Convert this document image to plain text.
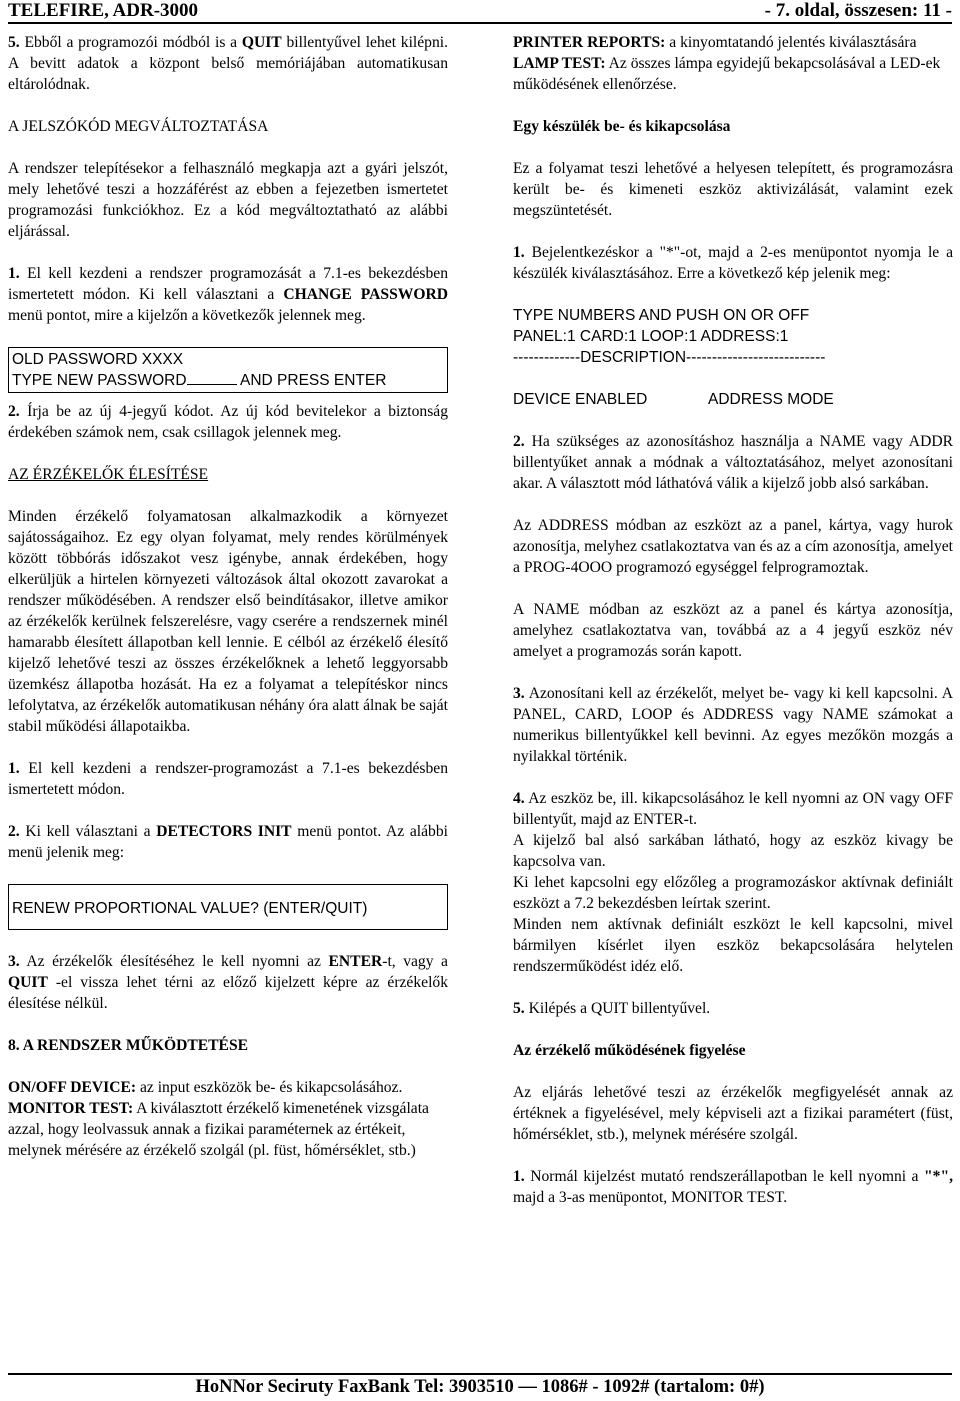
TELEFIRE, ADR-3000	- 7. oldal, összesen: 11 -

5. Ebből a programozói módból is a QUIT billentyűvel lehet kilépni. A bevitt adatok a központ belső memóriájában automatikusan eltárolódnak.

A JELSZÓKÓD MEGVÁLTOZTATÁSA

A rendszer telepítésekor a felhasználó megkapja azt a gyári jelszót, mely lehetővé teszi a hozzáférést az ebben a fejezetben ismertetet programozási funkciókhoz. Ez a kód megváltoztatható az alábbi eljárással.

1. El kell kezdeni a rendszer programozását a 7.1-es bekezdésben ismertetett módon. Ki kell választani a CHANGE PASSWORD menü pontot, mire a kijelzőn a következők jelennek meg.

OLD PASSWORD XXXX
TYPE NEW PASSWORD	AND PRESS ENTER

2. Írja be az új 4-jegyű kódot. Az új kód bevitelekor a biztonság érdekében számok nem, csak csillagok jelennek meg.

AZ ÉRZÉKELŐK ÉLESÍTÉSE

Minden érzékelő folyamatosan alkalmazkodik a környezet sajátosságaihoz. Ez egy olyan folyamat, mely rendes körülmények között többórás időszakot vesz igénybe, annak érdekében, hogy elkerüljük a hirtelen környezeti változások által okozott zavarokat a rendszer működésében. A rendszer első beindításakor, illetve amikor az érzékelők kerülnek felszerelésre, vagy cserére a rendszernek minél hamarabb élesített állapotban kell lennie. E célból az érzékelő élesítő kijelző lehetővé teszi az összes érzékelőknek a lehető leggyorsabb üzemkész állapotba hozását. Ha ez a folyamat a telepítéskor nincs lefolytatva, az érzékelők automatikusan néhány óra alatt álnak be saját stabil működési állapotaikba.

1. El kell kezdeni a rendszer-programozást a 7.1-es bekezdésben ismertetett módon.

2. Ki kell választani a DETECTORS INIT menü pontot. Az alábbi menü jelenik meg:

RENEW PROPORTIONAL VALUE? (ENTER/QUIT)

3. Az érzékelők élesítéséhez le kell nyomni az ENTER-t, vagy a QUIT -el vissza lehet térni az előző kijelzett képre az érzékelők élesítése nélkül.

8. A RENDSZER MŰKÖDTETÉSE

ON/OFF DEVICE: az input eszközök be- és kikapcsolásához.

MONITOR TEST: A kiválasztott érzékelő kimenetének vizsgálata azzal, hogy leolvassuk annak a fizikai paraméternek az értékeit, melynek mérésére az érzékelő szolgál (pl. füst, hőmérséklet, stb.)

PRINTER REPORTS: a kinyomtatandó jelentés kiválasztására

LAMP TEST: Az összes lámpa egyidejű bekapcsolásával a LED-ek működésének ellenőrzése.

Egy készülék be- és kikapcsolása

Ez a folyamat teszi lehetővé a helyesen telepített, és programozásra került be- és kimeneti eszköz aktivizálását, valamint ezek megszüntetését.

1. Bejelentkezéskor a "*"-ot, majd a 2-es menüpontot nyomja le a készülék kiválasztásához. Erre a következő kép jelenik meg:

TYPE NUMBERS AND PUSH ON OR OFF
PANEL:1 CARD:1 LOOP:1 ADDRESS:1
-------------DESCRIPTION---------------------------
DEVICE ENABLED	ADDRESS MODE

2. Ha szükséges az azonosításhoz használja a NAME vagy ADDR billentyűket annak a módnak a változtatásához, melyet azonosítani akar. A választott mód láthatóvá válik a kijelző jobb alsó sarkában.

Az ADDRESS módban az eszközt az a panel, kártya, vagy hurok azonosítja, melyhez csatlakoztatva van és az a cím azonosítja, amelyet a PROG-4OOO programozó egységgel felprogramoztak.

A NAME módban az eszközt az a panel és kártya azonosítja, amelyhez csatlakoztatva van, továbbá az a 4 jegyű eszköz név amelyet a programozás során kapott.

3. Azonosítani kell az érzékelőt, melyet be- vagy ki kell kapcsolni. A PANEL, CARD, LOOP és ADDRESS vagy NAME számokat a numerikus billentyűkkel kell bevinni. Az egyes mezőkön mozgás a nyilakkal történik.

4. Az eszköz be, ill. kikapcsolásához le kell nyomni az ON vagy OFF billentyűt, majd az ENTER-t.

A kijelző bal alsó sarkában látható, hogy az eszköz kivagy be kapcsolva van.

Ki lehet kapcsolni egy előzőleg a programozáskor aktívnak definiált eszközt a 7.2 bekezdésben leírtak szerint.

Minden nem aktívnak definiált eszközt le kell kapcsolni, mivel bármilyen kísérlet ilyen eszköz bekapcsolására helytelen rendszerműködést idéz elő.

5. Kilépés a QUIT billentyűvel.

Az érzékelő működésének figyelése

Az eljárás lehetővé teszi az érzékelők megfigyelését annak az értéknek a figyelésével, mely képviseli azt a fizikai paramétert (füst, hőmérséklet, stb.), melynek mérésére szolgál.

1. Normál kijelzést mutató rendszerállapotban le kell nyomni a "*", majd a 3-as menüpontot, MONITOR TEST.

HoNNor Seciruty FaxBank Tel: 3903510 — 1086# - 1092# (tartalom: 0#)
